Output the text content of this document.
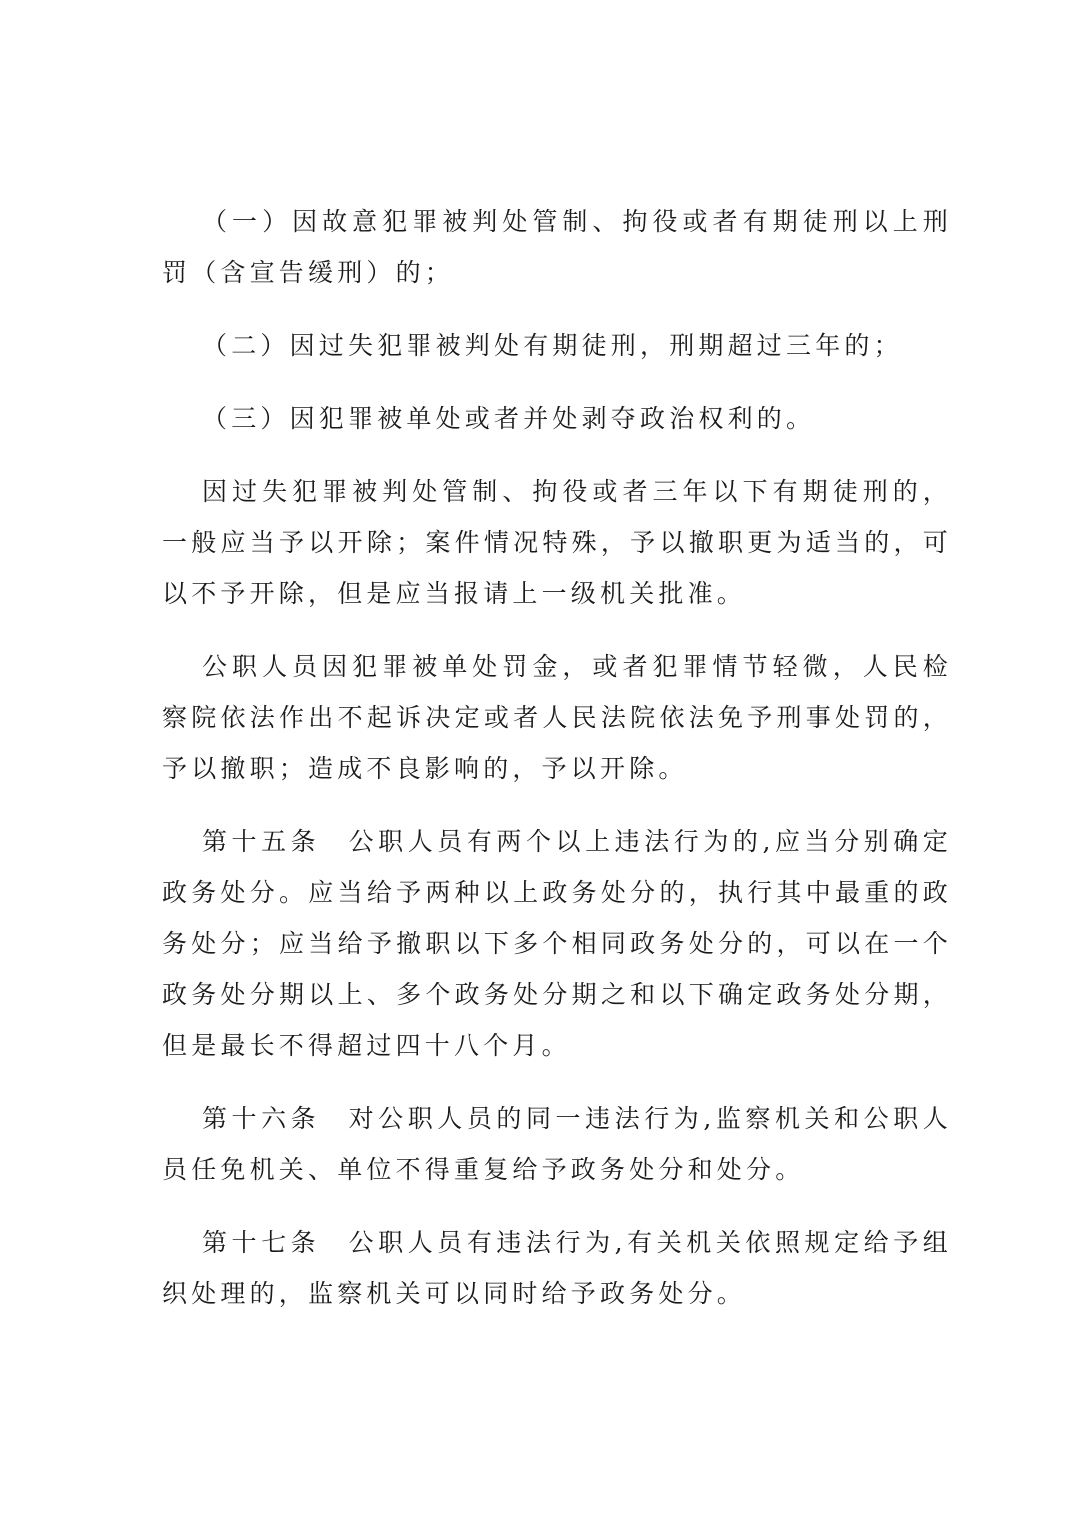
（一）因故意犯罪被判处管制、拘役或者有期徒刑以上刑罚（含宣告缓刑）的；

（二）因过失犯罪被判处有期徒刑，刑期超过三年的；

（三）因犯罪被单处或者并处剥夺政治权利的。

因过失犯罪被判处管制、拘役或者三年以下有期徒刑的，一般应当予以开除；案件情况特殊，予以撤职更为适当的，可以不予开除，但是应当报请上一级机关批准。

公职人员因犯罪被单处罚金，或者犯罪情节轻微，人民检察院依法作出不起诉决定或者人民法院依法免予刑事处罚的，予以撤职；造成不良影响的，予以开除。

第十五条 公职人员有两个以上违法行为的,应当分别确定政务处分。应当给予两种以上政务处分的，执行其中最重的政务处分；应当给予撤职以下多个相同政务处分的，可以在一个政务处分期以上、多个政务处分期之和以下确定政务处分期，但是最长不得超过四十八个月。

第十六条 对公职人员的同一违法行为,监察机关和公职人员任免机关、单位不得重复给予政务处分和处分。

第十七条 公职人员有违法行为,有关机关依照规定给予组织处理的，监察机关可以同时给予政务处分。
